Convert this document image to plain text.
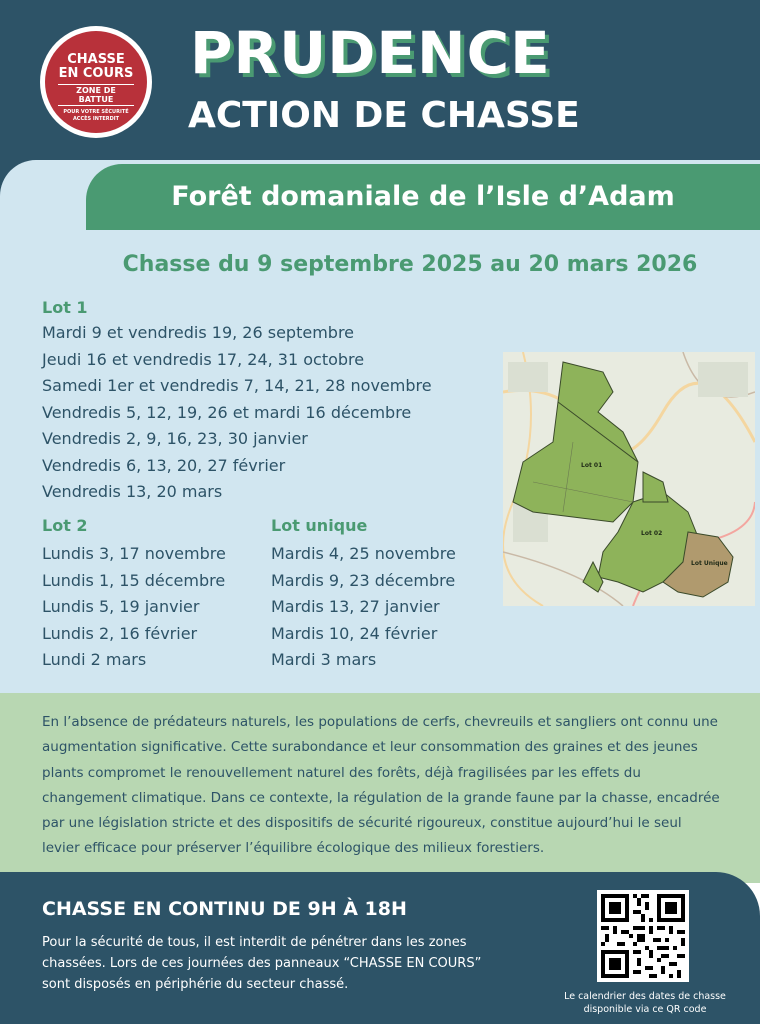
CHASSE
EN COURS
ZONE DE BATTUE
POUR VOTRE SÉCURITÉ
ACCÈS INTERDIT
PRUDENCE
ACTION DE CHASSE
Forêt domaniale de l’Isle d’Adam
Chasse du 9 septembre 2025 au 20 mars 2026
Lot 1
Mardi 9 et vendredis 19, 26 septembre
Jeudi 16 et vendredis 17, 24, 31 octobre
Samedi 1er et vendredis 7, 14, 21, 28 novembre
Vendredis 5, 12, 19, 26 et mardi 16 décembre
Vendredis 2, 9, 16, 23, 30 janvier
Vendredis 6, 13, 20, 27 février
Vendredis 13, 20 mars
Lot 2
Lundis 3, 17 novembre
Lundis 1, 15 décembre
Lundis 5, 19 janvier
Lundis 2, 16 février
Lundi 2 mars
Lot unique
Mardis 4, 25 novembre
Mardis 9, 23 décembre
Mardis 13, 27 janvier
Mardis 10, 24 février
Mardi 3 mars
Lot 01
Lot 02
Lot Unique

En l’absence de prédateurs naturels, les populations de cerfs, chevreuils et sangliers ont connu une augmentation significative. Cette surabondance et leur consommation des graines et des jeunes plants compromet le renouvellement naturel des forêts, déjà fragilisées par les effets du changement climatique. Dans ce contexte, la régulation de la grande faune par la chasse, encadrée par une législation stricte et des dispositifs de sécurité rigoureux, constitue aujourd’hui le seul levier efficace pour préserver l’équilibre écologique des milieux forestiers.

CHASSE EN CONTINU DE 9H À 18H

Pour la sécurité de tous, il est interdit de pénétrer dans les zones chassées. Lors de ces journées des panneaux “CHASSE EN COURS” sont disposés en périphérie du secteur chassé.

Le calendrier des dates de chasse
disponible via ce QR code
